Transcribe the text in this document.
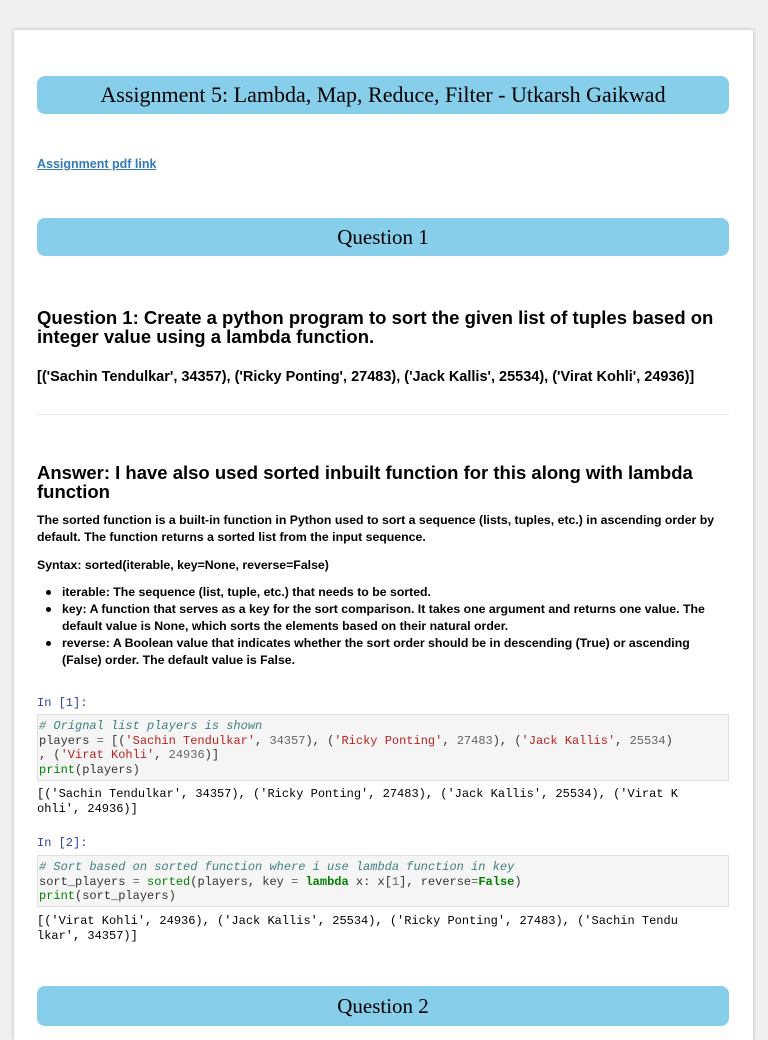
Assignment 5: Lambda, Map, Reduce, Filter - Utkarsh Gaikwad
Assignment pdf link
Question 1
Question 1: Create a python program to sort the given list of tuples based on integer value using a lambda function.
[('Sachin Tendulkar', 34357), ('Ricky Ponting', 27483), ('Jack Kallis', 25534), ('Virat Kohli', 24936)]
Answer: I have also used sorted inbuilt function for this along with lambda function
The sorted function is a built-in function in Python used to sort a sequence (lists, tuples, etc.) in ascending order by default. The function returns a sorted list from the input sequence.
Syntax: sorted(iterable, key=None, reverse=False)
iterable: The sequence (list, tuple, etc.) that needs to be sorted.
key: A function that serves as a key for the sort comparison. It takes one argument and returns one value. The default value is None, which sorts the elements based on their natural order.
reverse: A Boolean value that indicates whether the sort order should be in descending (True) or ascending (False) order. The default value is False.
In [1]:
# Orignal list players is shown
players = [('Sachin Tendulkar', 34357), ('Ricky Ponting', 27483), ('Jack Kallis', 25534)
, ('Virat Kohli', 24936)]
print(players)
[('Sachin Tendulkar', 34357), ('Ricky Ponting', 27483), ('Jack Kallis', 25534), ('Virat K
ohli', 24936)]
In [2]:
# Sort based on sorted function where i use lambda function in key
sort_players = sorted(players, key = lambda x: x[1], reverse=False)
print(sort_players)
[('Virat Kohli', 24936), ('Jack Kallis', 25534), ('Ricky Ponting', 27483), ('Sachin Tendu
lkar', 34357)]
Question 2
